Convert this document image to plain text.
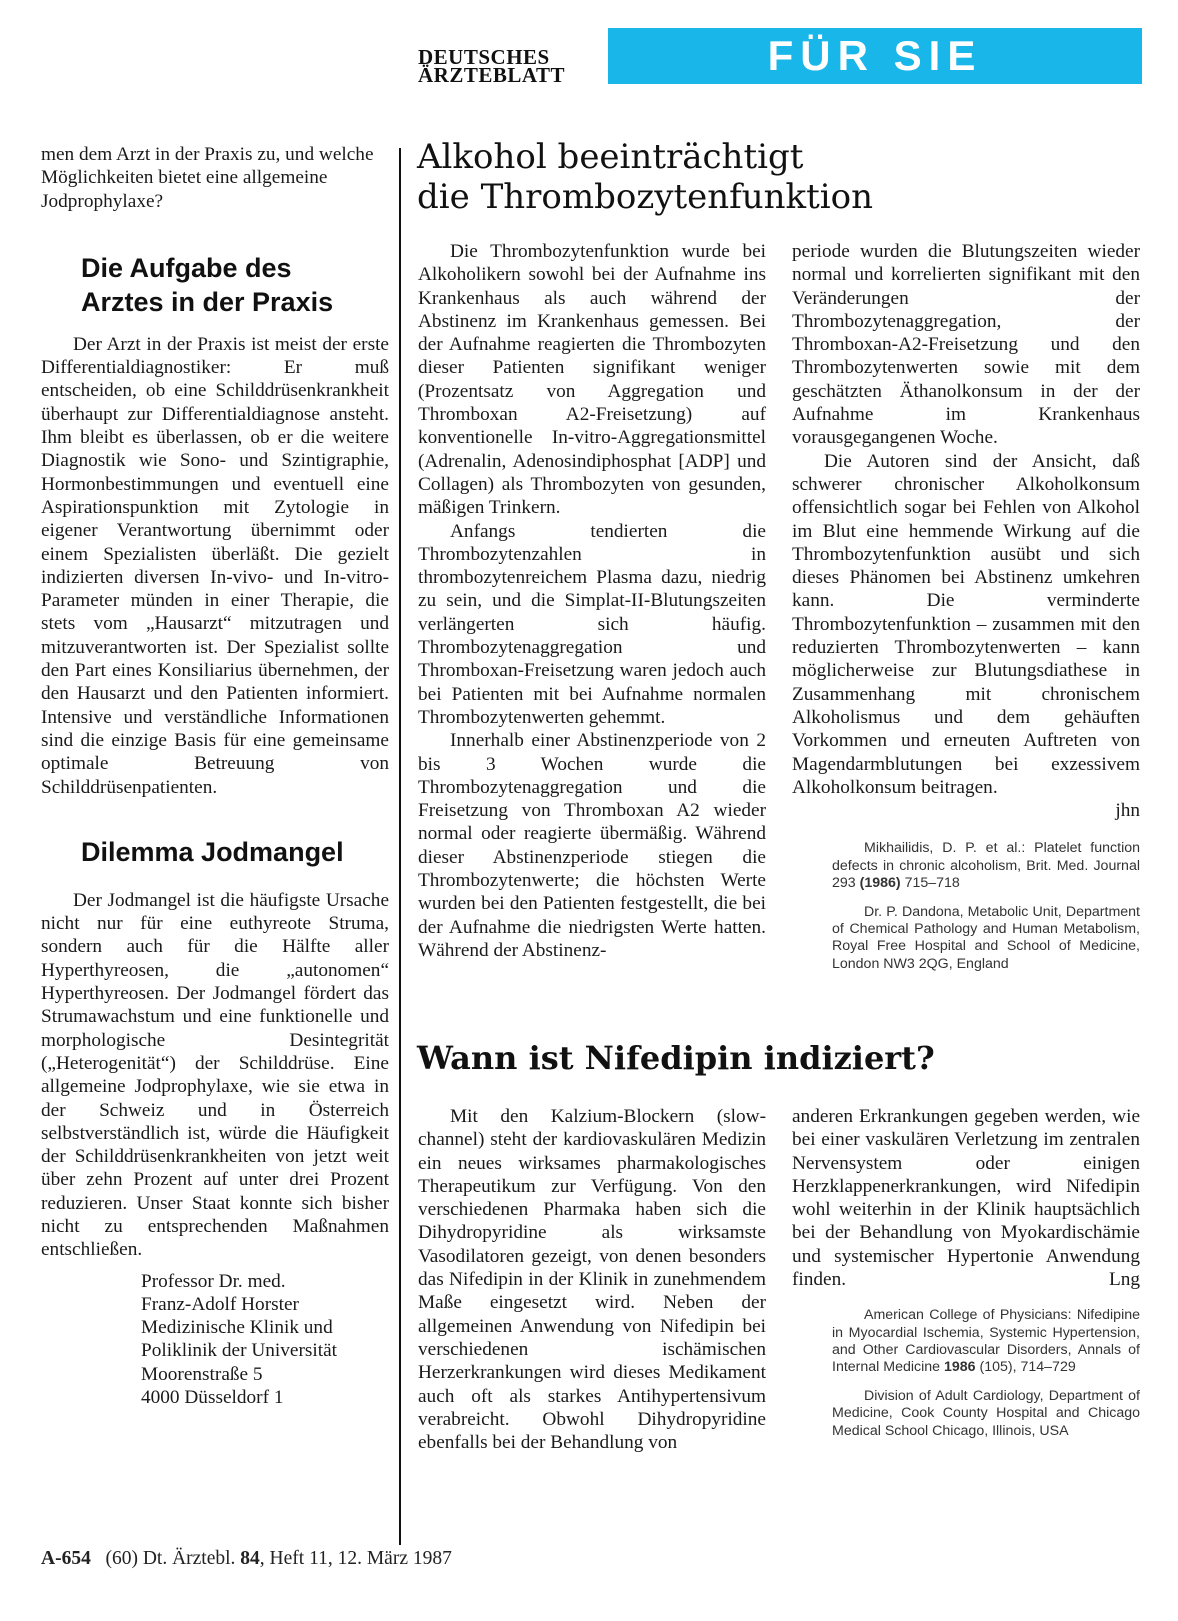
DEUTSCHES
ÄRZTEBLATT	FÜR SIE REFERIERT

men dem Arzt in der Praxis zu, und welche Möglichkeiten bietet eine allgemeine Jodprophylaxe?

Die Aufgabe des
Arztes in der Praxis

Der Arzt in der Praxis ist meist der erste Differentialdiagnostiker: Er muß entscheiden, ob eine Schilddrüsenkrankheit überhaupt zur Differentialdiagnose ansteht. Ihm bleibt es überlassen, ob er die weitere Diagnostik wie Sono- und Szintigraphie, Hormonbestimmungen und eventuell eine Aspirationspunktion mit Zytologie in eigener Verantwortung übernimmt oder einem Spezialisten überläßt. Die gezielt indizierten diversen In-vivo- und In-vitro-Parameter münden in einer Therapie, die stets vom „Hausarzt“ mitzutragen und mitzuverantworten ist. Der Spezialist sollte den Part eines Konsiliarius übernehmen, der den Hausarzt und den Patienten informiert. Intensive und verständliche Informationen sind die einzige Basis für eine gemeinsame optimale Betreuung von Schilddrüsenpatienten.

Dilemma Jodmangel

Der Jodmangel ist die häufigste Ursache nicht nur für eine euthyreote Struma, sondern auch für die Hälfte aller Hyperthyreosen, die „autonomen“ Hyperthyreosen. Der Jodmangel fördert das Strumawachstum und eine funktionelle und morphologische Desintegrität („Heterogenität“) der Schilddrüse. Eine allgemeine Jodprophylaxe, wie sie etwa in der Schweiz und in Österreich selbstverständlich ist, würde die Häufigkeit der Schilddrüsenkrankheiten von jetzt weit über zehn Prozent auf unter drei Prozent reduzieren. Unser Staat konnte sich bisher nicht zu entsprechenden Maßnahmen entschließen.

Professor Dr. med.
Franz-Adolf Horster
Medizinische Klinik und
Poliklinik der Universität
Moorenstraße 5
4000 Düsseldorf 1
Alkohol beeinträchtigt
die Thrombozytenfunktion

Die Thrombozytenfunktion wurde bei Alkoholikern sowohl bei der Aufnahme ins Krankenhaus als auch während der Abstinenz im Krankenhaus gemessen. Bei der Aufnahme reagierten die Thrombozyten dieser Patienten signifikant weniger (Prozentsatz von Aggregation und Thromboxan A2-Freisetzung) auf konventionelle In-vitro-Aggregationsmittel (Adrenalin, Adenosindiphosphat [ADP] und Collagen) als Thrombozyten von gesunden, mäßigen Trinkern.

Anfangs tendierten die Thrombozytenzahlen in thrombozytenreichem Plasma dazu, niedrig zu sein, und die Simplat-II-Blutungszeiten verlängerten sich häufig. Thrombozytenaggregation und Thromboxan-Freisetzung waren jedoch auch bei Patienten mit bei Aufnahme normalen Thrombozytenwerten gehemmt.

Innerhalb einer Abstinenzperiode von 2 bis 3 Wochen wurde die Thrombozytenaggregation und die Freisetzung von Thromboxan A2 wieder normal oder reagierte übermäßig. Während dieser Abstinenzperiode stiegen die Thrombozytenwerte; die höchsten Werte wurden bei den Patienten festgestellt, die bei der Aufnahme die niedrigsten Werte hatten. Während der Abstinenz-

periode wurden die Blutungszeiten wieder normal und korrelierten signifikant mit den Veränderungen der Thrombozytenaggregation, der Thromboxan-A2-Freisetzung und den Thrombozytenwerten sowie mit dem geschätzten Äthanolkonsum in der der Aufnahme im Krankenhaus vorausgegangenen Woche.

Die Autoren sind der Ansicht, daß schwerer chronischer Alkoholkonsum offensichtlich sogar bei Fehlen von Alkohol im Blut eine hemmende Wirkung auf die Thrombozytenfunktion ausübt und sich dieses Phänomen bei Abstinenz umkehren kann. Die verminderte Thrombozytenfunktion – zusammen mit den reduzierten Thrombozytenwerten – kann möglicherweise zur Blutungsdiathese in Zusammenhang mit chronischem Alkoholismus und dem gehäuften Vorkommen und erneuten Auftreten von Magendarmblutungen bei exzessivem Alkoholkonsum beitragen.

jhn

Mikhailidis, D. P. et al.: Platelet function defects in chronic alcoholism, Brit. Med. Journal 293 (1986) 715–718

Dr. P. Dandona, Metabolic Unit, Department of Chemical Pathology and Human Metabolism, Royal Free Hospital and School of Medicine, London NW3 2QG, England

Wann ist Nifedipin indiziert?

Mit den Kalzium-Blockern (slow-channel) steht der kardiovaskulären Medizin ein neues wirksames pharmakologisches Therapeutikum zur Verfügung. Von den verschiedenen Pharmaka haben sich die Dihydropyridine als wirksamste Vasodilatoren gezeigt, von denen besonders das Nifedipin in der Klinik in zunehmendem Maße eingesetzt wird. Neben der allgemeinen Anwendung von Nifedipin bei verschiedenen ischämischen Herzerkrankungen wird dieses Medikament auch oft als starkes Antihypertensivum verabreicht. Obwohl Dihydropyridine ebenfalls bei der Behandlung von

anderen Erkrankungen gegeben werden, wie bei einer vaskulären Verletzung im zentralen Nervensystem oder einigen Herzklappenerkrankungen, wird Nifedipin wohl weiterhin in der Klinik hauptsächlich bei der Behandlung von Myokardischämie und systemischer Hypertonie Anwendung finden.	Lng

American College of Physicians: Nifedipine in Myocardial Ischemia, Systemic Hypertension, and Other Cardiovascular Disorders, Annals of Internal Medicine 1986 (105), 714–729

Division of Adult Cardiology, Department of Medicine, Cook County Hospital and Chicago Medical School Chicago, Illinois, USA

A-654 (60) Dt. Ärztebl. 84, Heft 11, 12. März 1987
